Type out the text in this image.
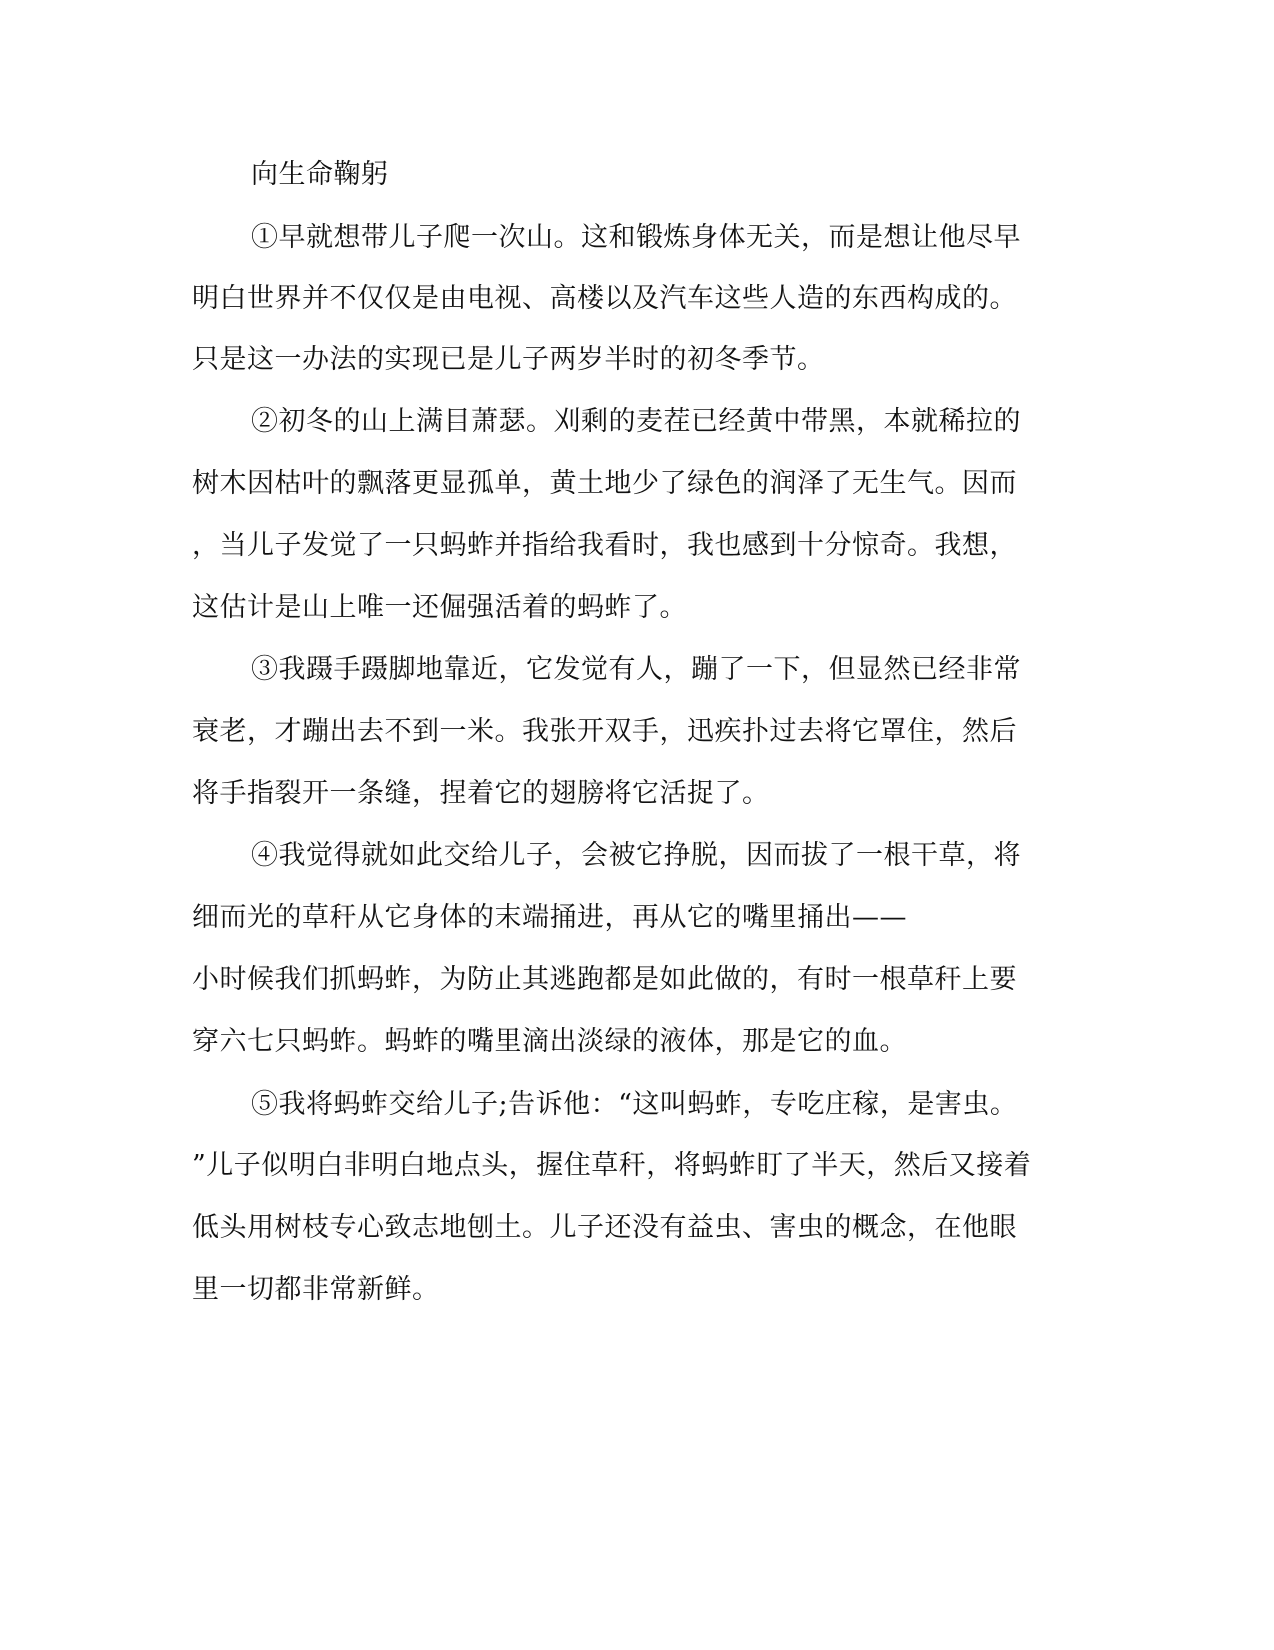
向生命鞠躬
①早就想带儿子爬一次山。这和锻炼身体无关，而是想让他尽早
明白世界并不仅仅是由电视、高楼以及汽车这些人造的东西构成的。
只是这一办法的实现已是儿子两岁半时的初冬季节。
②初冬的山上满目萧瑟。刈剩的麦茬已经黄中带黑，本就稀拉的
树木因枯叶的飘落更显孤单，黄土地少了绿色的润泽了无生气。因而
，当儿子发觉了一只蚂蚱并指给我看时，我也感到十分惊奇。我想，
这估计是山上唯一还倔强活着的蚂蚱了。
③我蹑手蹑脚地靠近，它发觉有人，蹦了一下，但显然已经非常
衰老，才蹦出去不到一米。我张开双手，迅疾扑过去将它罩住，然后
将手指裂开一条缝，捏着它的翅膀将它活捉了。
④我觉得就如此交给儿子，会被它挣脱，因而拔了一根干草，将
细而光的草秆从它身体的末端捅进，再从它的嘴里捅出——
小时候我们抓蚂蚱，为防止其逃跑都是如此做的，有时一根草秆上要
穿六七只蚂蚱。蚂蚱的嘴里滴出淡绿的液体，那是它的血。
⑤我将蚂蚱交给儿子;告诉他：“这叫蚂蚱，专吃庄稼，是害虫。
”儿子似明白非明白地点头，握住草秆，将蚂蚱盯了半天，然后又接着
低头用树枝专心致志地刨土。儿子还没有益虫、害虫的概念，在他眼
里一切都非常新鲜。
